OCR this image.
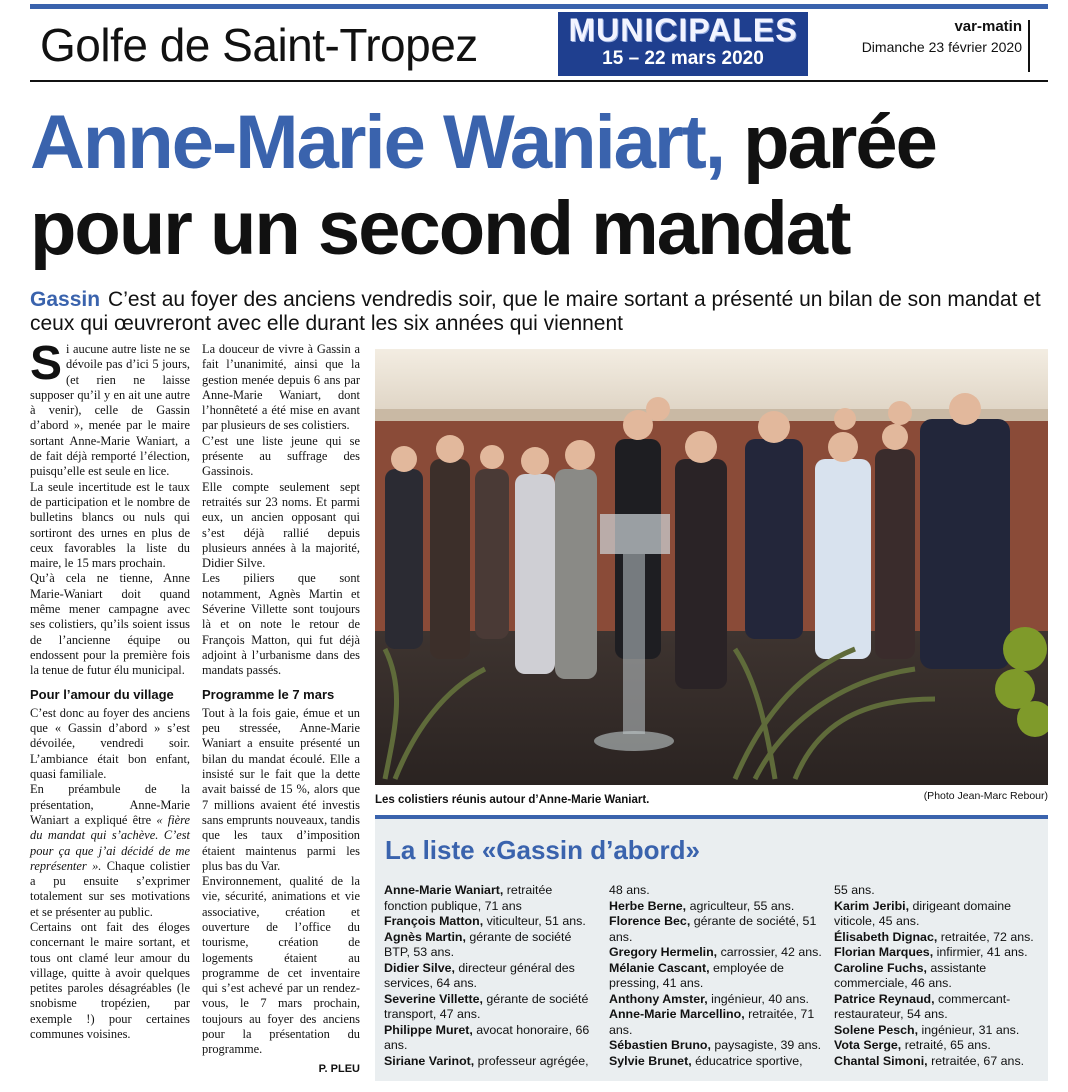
Golfe de Saint-Tropez	MUNICIPALES
15 – 22 mars 2020
var-matin
Dimanche 23 février 2020
Anne-Marie Waniart, parée
pour un second mandat
Gassin C’est au foyer des anciens vendredis soir, que le maire sortant a présenté un bilan de son mandat et ceux qui œuvreront avec elle durant les six années qui viennent

Si aucune autre liste ne se dévoile pas d’ici 5 jours, (et rien ne laisse supposer qu’il y en ait une autre à venir), celle de Gassin d’abord », menée par le maire sortant Anne-Marie Waniart, a de fait déjà remporté l’élection, puisqu’elle est seule en lice.

La seule incertitude est le taux de participation et le nombre de bulletins blancs ou nuls qui sortiront des urnes en plus de ceux favorables la liste du maire, le 15 mars prochain.

Qu’à cela ne tienne, Anne Marie-Waniart doit quand même mener campagne avec ses colistiers, qu’ils soient issus de l’ancienne équipe ou endossent pour la première fois la tenue de futur élu municipal.

Pour l’amour du village

C’est donc au foyer des anciens que « Gassin d’abord » s’est dévoilée, vendredi soir. L’ambiance était bon enfant, quasi familiale.

En préambule de la présentation, Anne-Marie Waniart a expliqué être « fière du mandat qui s’achève. C’est pour ça que j’ai décidé de me représenter ». Chaque colistier a pu ensuite s’exprimer totalement sur ses motivations et se présenter au public.

Certains ont fait des éloges concernant le maire sortant, et tous ont clamé leur amour du village, quitte à avoir quelques petites paroles désagréables (le snobisme tropézien, par exemple !) pour certaines communes voisines.

La douceur de vivre à Gassin a fait l’unanimité, ainsi que la gestion menée depuis 6 ans par Anne-Marie Waniart, dont l’honnêteté a été mise en avant par plusieurs de ses colistiers.

C’est une liste jeune qui se présente au suffrage des Gassinois.

Elle compte seulement sept retraités sur 23 noms. Et parmi eux, un ancien opposant qui s’est déjà rallié depuis plusieurs années à la majorité, Didier Silve.

Les piliers que sont notamment, Agnès Martin et Séverine Villette sont toujours là et on note le retour de François Matton, qui fut déjà adjoint à l’urbanisme dans des mandats passés.

Programme le 7 mars

Tout à la fois gaie, émue et un peu stressée, Anne-Marie Waniart a ensuite présenté un bilan du mandat écoulé. Elle a insisté sur le fait que la dette avait baissé de 15 %, alors que 7 millions avaient été investis sans emprunts nouveaux, tandis que les taux d’imposition étaient maintenus parmi les plus bas du Var.

Environnement, qualité de la vie, sécurité, animations et vie associative, création et ouverture de l’office du tourisme, création de logements étaient au programme de cet inventaire qui s’est achevé par un rendez-vous, le 7 mars prochain, toujours au foyer des anciens pour la présentation du programme.

P. PLEU

Les colistiers réunis autour d’Anne-Marie Waniart.	(Photo Jean-Marc Rebour)
La liste «Gassin d’abord»

Anne-Marie Waniart, retraitée fonction publique, 71 ans

François Matton, viticulteur, 51 ans.

Agnès Martin, gérante de société BTP, 53 ans.

Didier Silve, directeur général des services, 64 ans.

Severine Villette, gérante de société transport, 47 ans.

Philippe Muret, avocat honoraire, 66 ans.

Siriane Varinot, professeur agrégée,

48 ans.

Herbe Berne, agriculteur, 55 ans.

Florence Bec, gérante de société, 51 ans.

Gregory Hermelin, carrossier, 42 ans.

Mélanie Cascant, employée de pressing, 41 ans.

Anthony Amster, ingénieur, 40 ans.

Anne-Marie Marcellino, retraitée, 71 ans.

Sébastien Bruno, paysagiste, 39 ans.

Sylvie Brunet, éducatrice sportive,

55 ans.

Karim Jeribi, dirigeant domaine viticole, 45 ans.

Élisabeth Dignac, retraitée, 72 ans.

Florian Marques, infirmier, 41 ans.

Caroline Fuchs, assistante commerciale, 46 ans.

Patrice Reynaud, commercant-restaurateur, 54 ans.

Solene Pesch, ingénieur, 31 ans.

Vota Serge, retraité, 65 ans.

Chantal Simoni, retraitée, 67 ans.
